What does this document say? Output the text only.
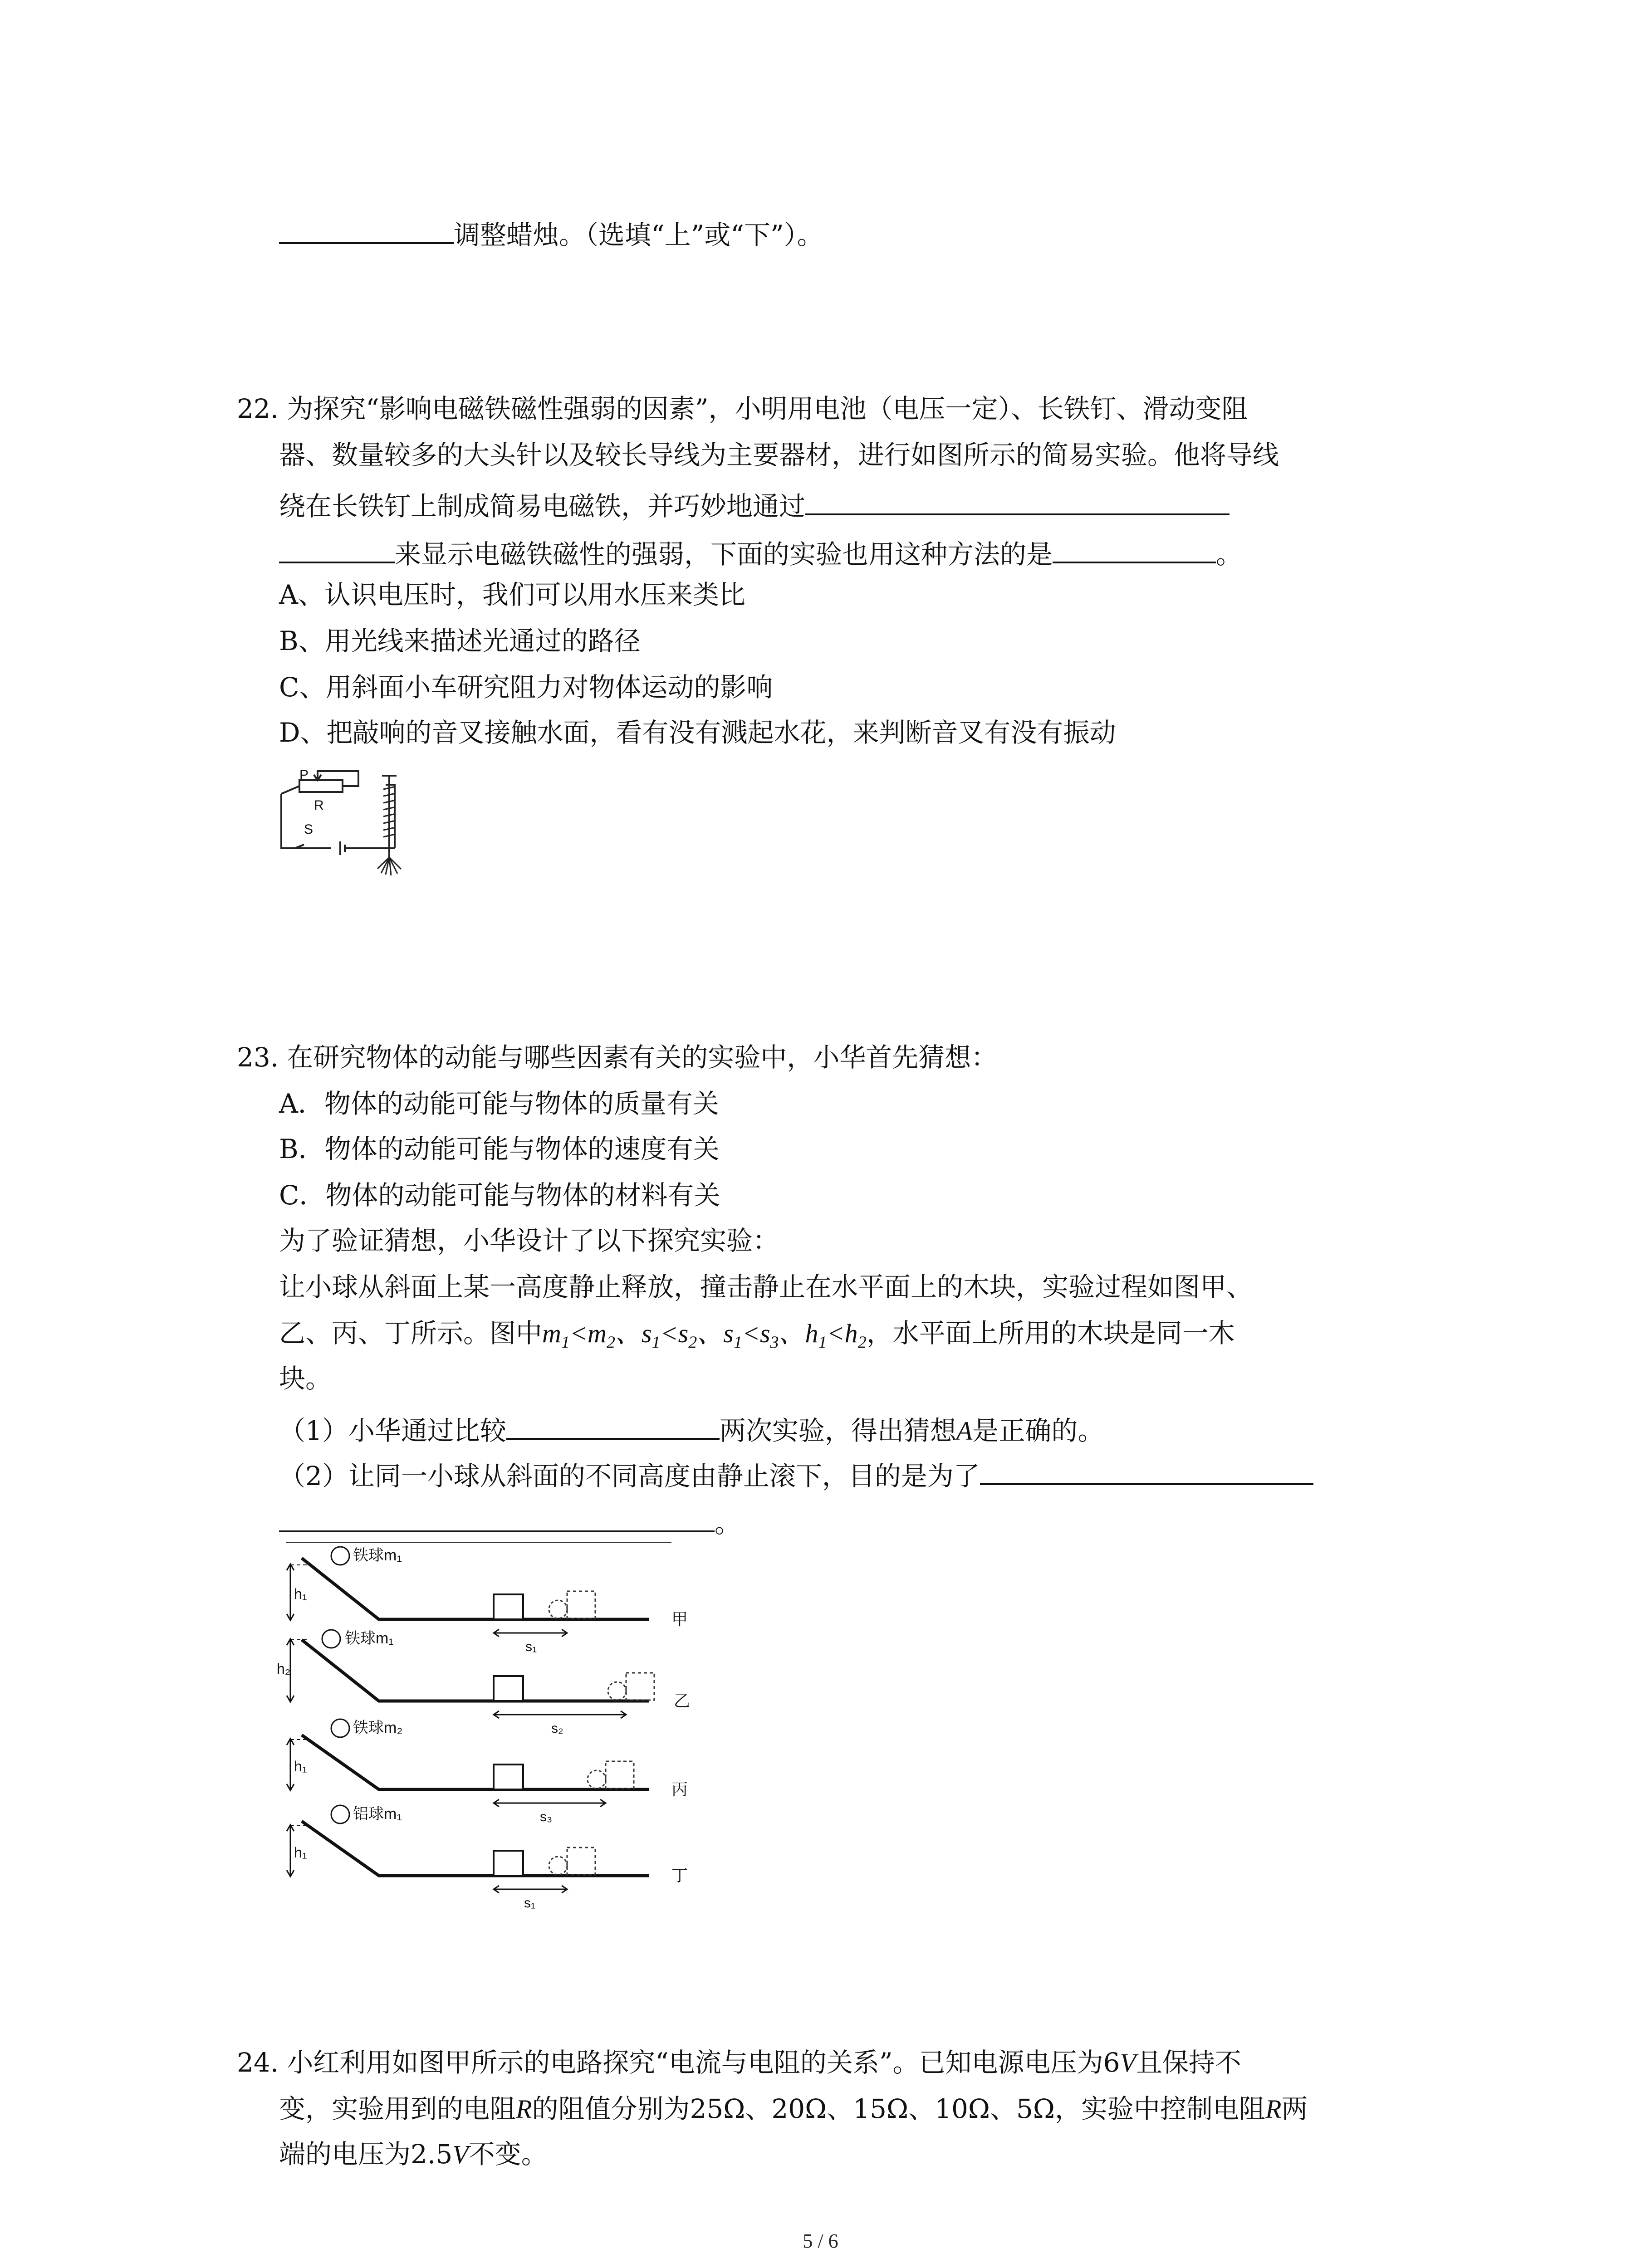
调整蜡烛。（选填“上”或“下”）。
22. 为探究“影响电磁铁磁性强弱的因素”，小明用电池（电压一定）、长铁钉、滑动变阻
器、数量较多的大头针以及较长导线为主要器材，进行如图所示的简易实验。他将导线
绕在长铁钉上制成简易电磁铁，并巧妙地通过
来显示电磁铁磁性的强弱，下面的实验也用这种方法的是	。
A、认识电压时，我们可以用水压来类比
B、用光线来描述光通过的路径
C、用斜面小车研究阻力对物体运动的影响
D、把敲响的音叉接触水面，看有没有溅起水花，来判断音叉有没有振动
P
R
S
23. 在研究物体的动能与哪些因素有关的实验中，小华首先猜想：
A．物体的动能可能与物体的质量有关
B．物体的动能可能与物体的速度有关
C．物体的动能可能与物体的材料有关
为了验证猜想，小华设计了以下探究实验：
让小球从斜面上某一高度静止释放，撞击静止在水平面上的木块，实验过程如图甲、
乙、丙、丁所示。图中$m_1<m_2$、$s_1<s_2$、$s_1<s_3$、$h_1<h_2$，水平面上所用的木块是同一木
块。
（1）小华通过比较	两次实验，得出猜想A是正确的。
（2）让同一小球从斜面的不同高度由静止滚下，目的是为了
。
铁球m₁
h₁
s₁
甲
铁球m₁
h₂
s₂
乙
铁球m₂
h₁
s₃
丙
铝球m₁
h₁
s₁
丁
24. 小红利用如图甲所示的电路探究“电流与电阻的关系”。已知电源电压为6V且保持不
变，实验用到的电阻R的阻值分别为25Ω、20Ω、15Ω、10Ω、5Ω，实验中控制电阻R两
端的电压为2.5V不变。
5 / 6
